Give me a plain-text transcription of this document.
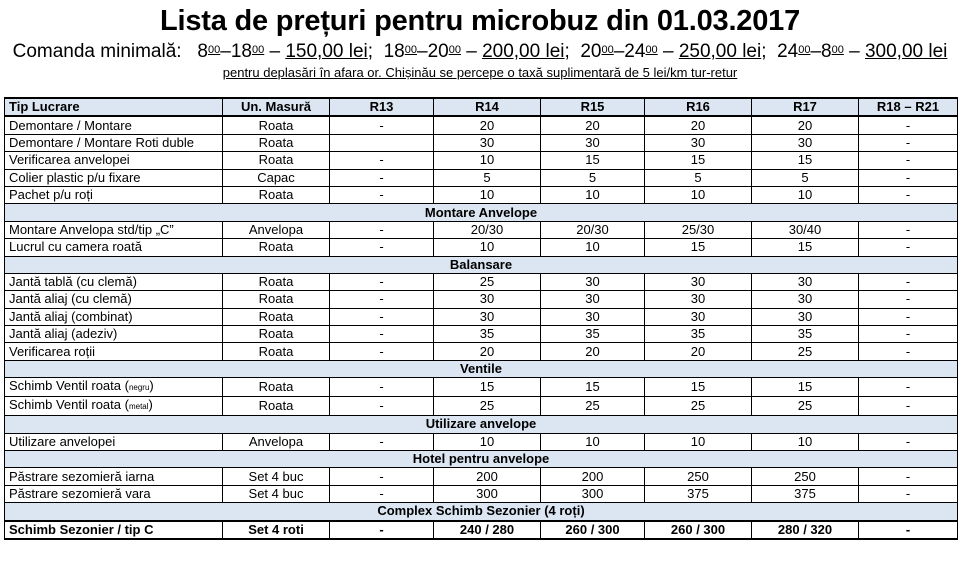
Lista de prețuri pentru microbuz din 01.03.2017
Comanda minimală: $8^{00}-18^{00} - 150,00$ lei; $18^{00}-20^{00} - 200,00$ lei; $20^{00}-24^{00} - 250,00$ lei; $24^{00}-8^{00} - 300,00$ lei
pentru deplasări în afara or. Chișinău se percepe o taxă suplimentară de 5 lei/km tur-retur
Tip Lucrare	Un. Masură	R13	R14	R15	R16	R17	R18 – R21
Demontare / Montare	Roata	-	20	20	20	20	-
Demontare / Montare Roti duble	Roata		30	30	30	30	-
Verificarea anvelopei	Roata	-	10	15	15	15	-
Colier plastic p/u fixare	Capac	-	5	5	5	5	-
Pachet p/u roți	Roata	-	10	10	10	10	-
Montare Anvelope							
Montare Anvelopa std/tip „C”	Anvelopa	-	20/30	20/30	25/30	30/40	-
Lucrul cu camera roată	Roata	-	10	10	15	15	-
Balansare							
Jantă tablă (cu clemă)	Roata	-	25	30	30	30	-
Jantă aliaj (cu clemă)	Roata	-	30	30	30	30	-
Jantă aliaj (combinat)	Roata	-	30	30	30	30	-
Jantă aliaj (adeziv)	Roata	-	35	35	35	35	-
Verificarea roții	Roata	-	20	20	20	25	-
Ventile							
Schimb Ventil roata (negru)	Roata	-	15	15	15	15	-
Schimb Ventil roata (metal)	Roata	-	25	25	25	25	-
Utilizare anvelope							
Utilizare anvelopei	Anvelopa	-	10	10	10	10	-
Hotel pentru anvelope							
Păstrare sezomieră iarna	Set 4 buc	-	200	200	250	250	-
Păstrare sezomieră vara	Set 4 buc	-	300	300	375	375	-
Complex Schimb Sezonier (4 roți)							
Schimb Sezonier / tip C	Set 4 roti	-	240 / 280	260 / 300	260 / 300	280 / 320	-
